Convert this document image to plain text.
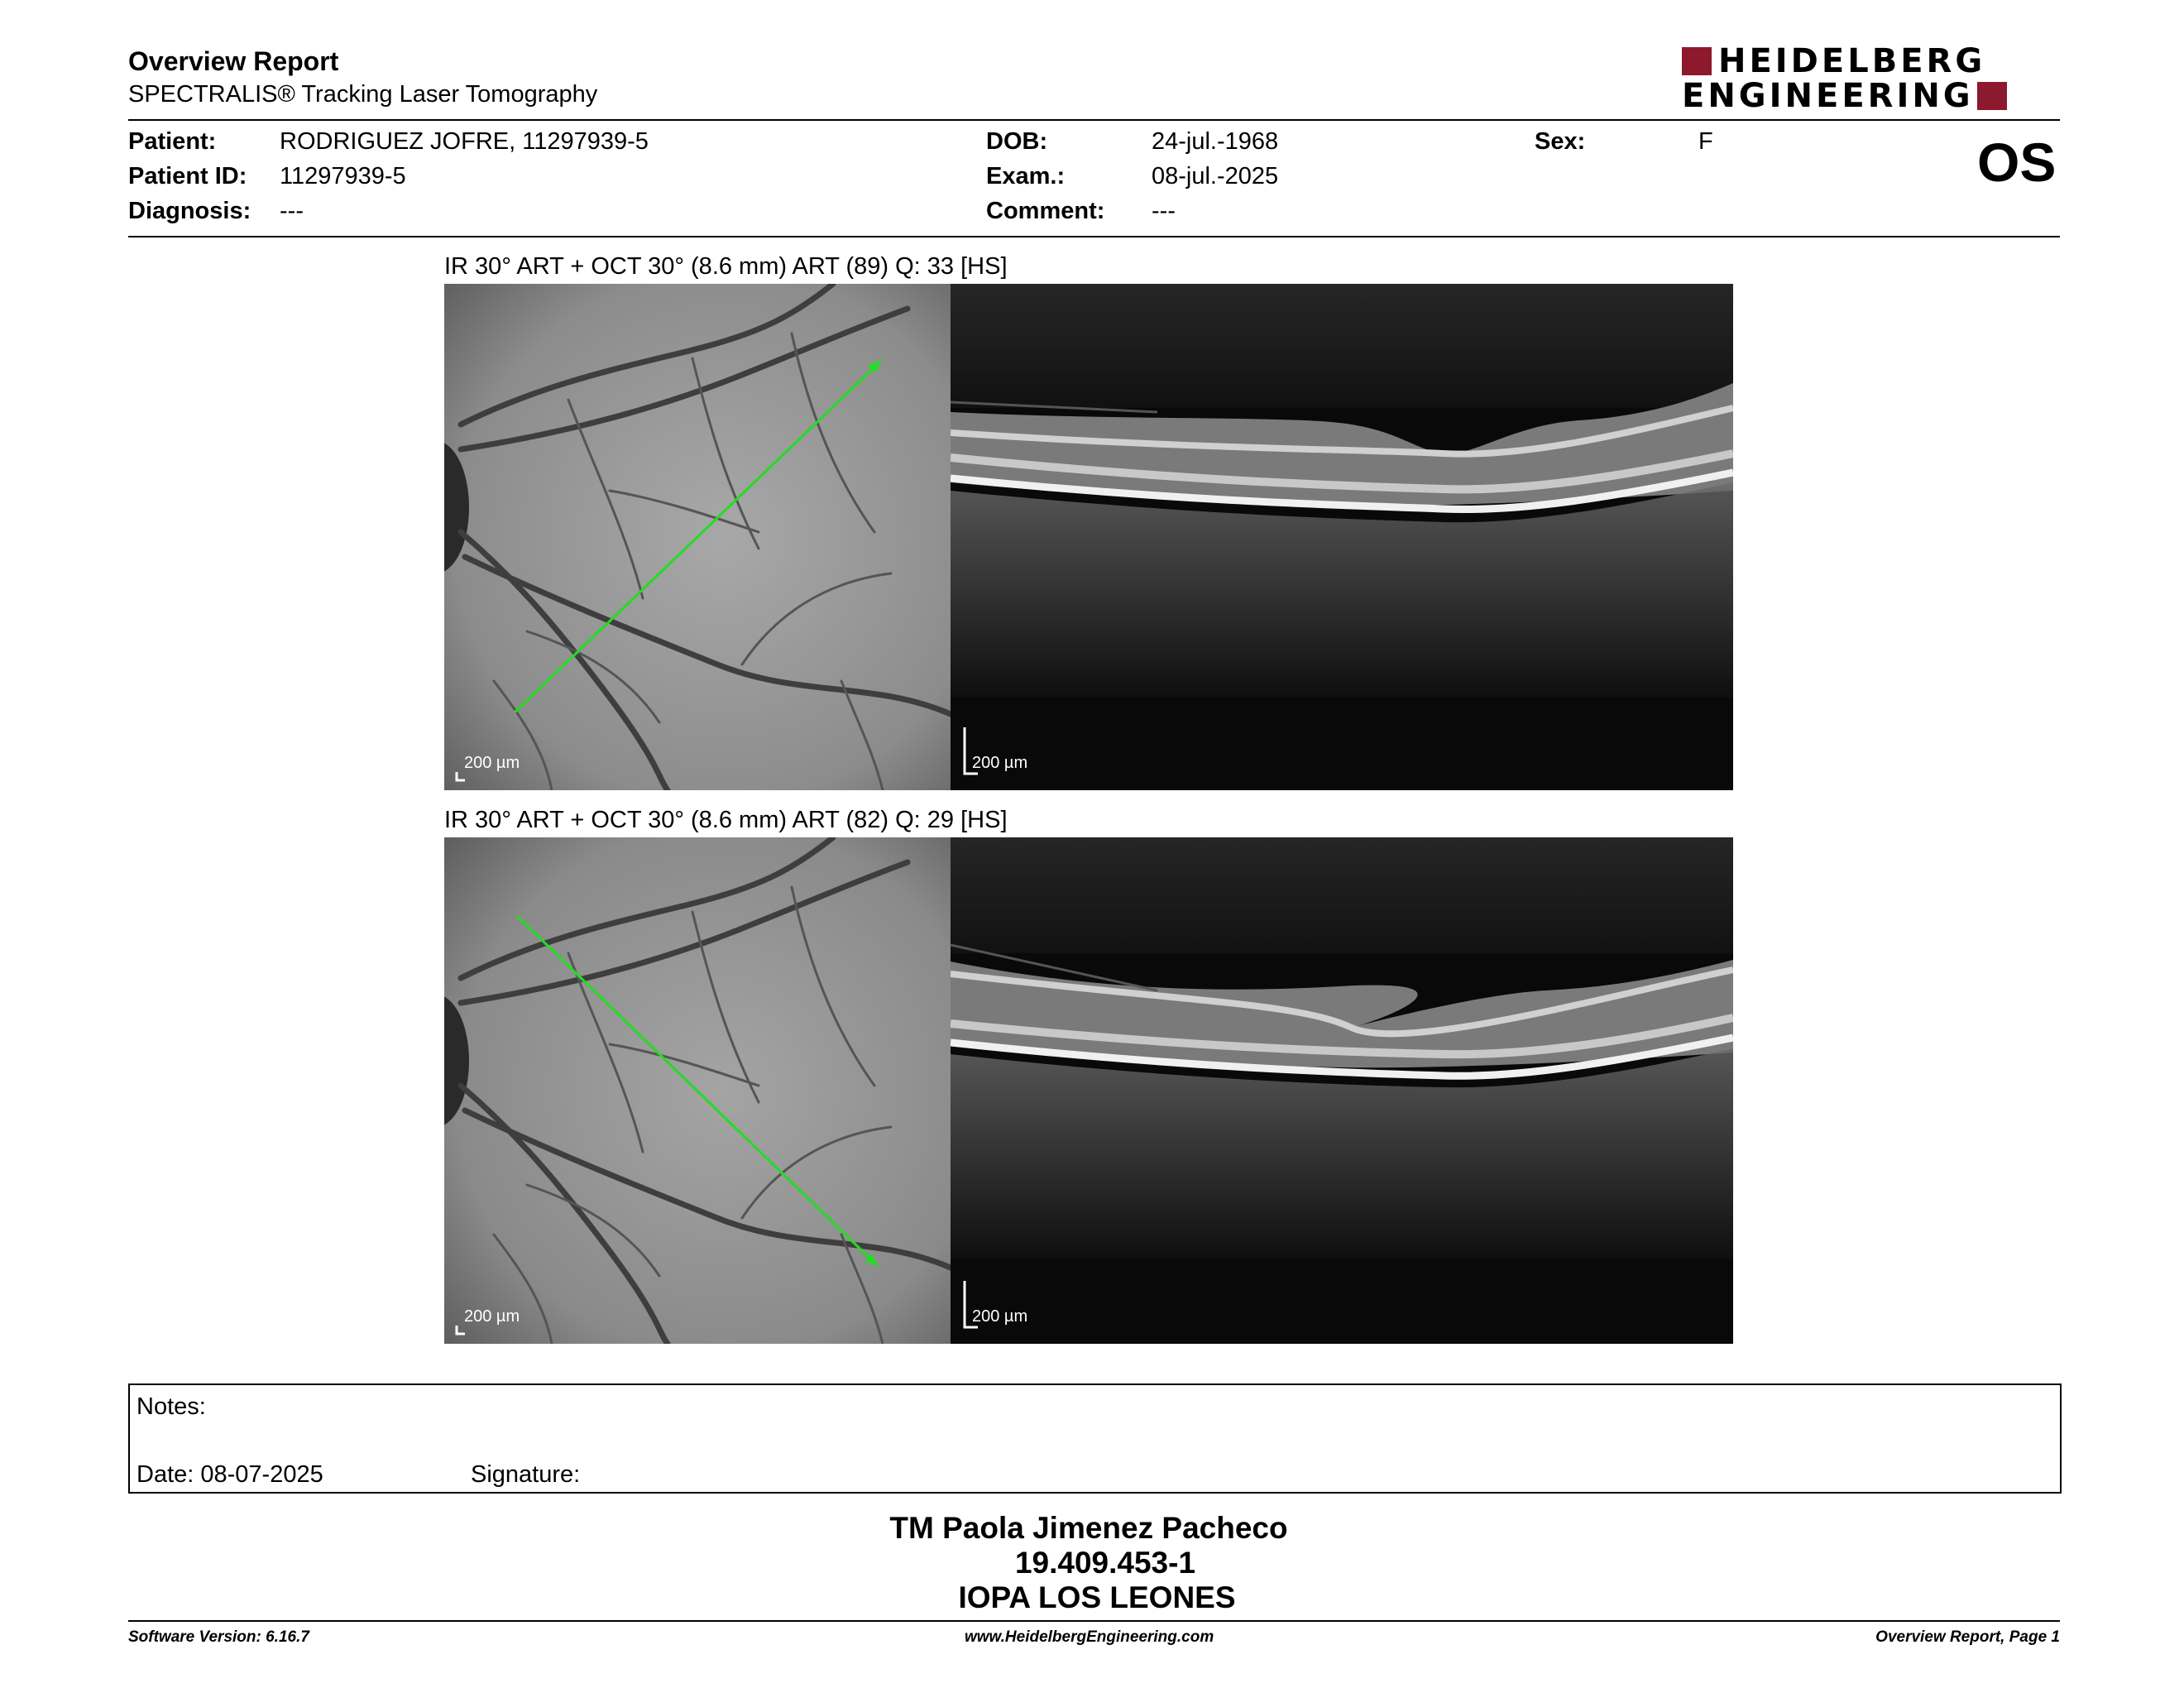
Overview Report
SPECTRALIS® Tracking Laser Tomography
HEIDELBERG
ENGINEERING
Patient:	RODRIGUEZ JOFRE, 11297939-5
Patient ID: 11297939-5
Diagnosis: ---
DOB:	24-jul.-1968
Exam.:	08-jul.-2025
Comment: ---
Sex:	F	OS
IR 30° ART + OCT 30° (8.6 mm) ART (89) Q: 33 [HS]
200 µm	200 µm
IR 30° ART + OCT 30° (8.6 mm) ART (82) Q: 29 [HS]
200 µm	200 µm
Notes:
Date: 08-07-2025	Signature:
TM Paola Jimenez Pacheco
19.409.453-1
IOPA LOS LEONES
Software Version: 6.16.7	www.HeidelbergEngineering.com	Overview Report, Page 1
